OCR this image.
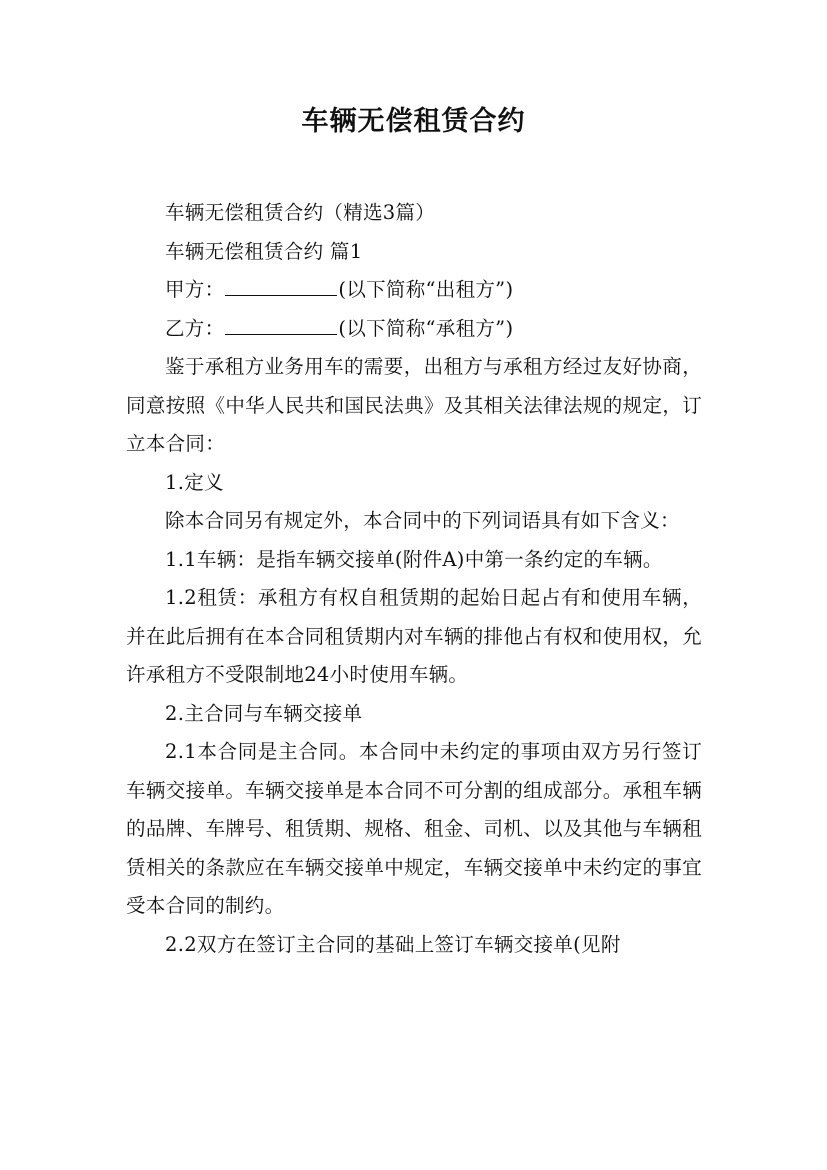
车辆无偿租赁合约

车辆无偿租赁合约（精选3篇）

车辆无偿租赁合约 篇1

甲方：	(以下简称“出租方”)

乙方：	(以下简称“承租方”)

鉴于承租方业务用车的需要，出租方与承租方经过友好协商，同意按照《中华人民共和国民法典》及其相关法律法规的规定，订立本合同：

1.定义

除本合同另有规定外，本合同中的下列词语具有如下含义：

1.1车辆：是指车辆交接单(附件A)中第一条约定的车辆。

1.2租赁：承租方有权自租赁期的起始日起占有和使用车辆，并在此后拥有在本合同租赁期内对车辆的排他占有权和使用权，允许承租方不受限制地24小时使用车辆。

2.主合同与车辆交接单

2.1本合同是主合同。本合同中未约定的事项由双方另行签订车辆交接单。车辆交接单是本合同不可分割的组成部分。承租车辆的品牌、车牌号、租赁期、规格、租金、司机、以及其他与车辆租赁相关的条款应在车辆交接单中规定，车辆交接单中未约定的事宜受本合同的制约。

2.2双方在签订主合同的基础上签订车辆交接单(见附
